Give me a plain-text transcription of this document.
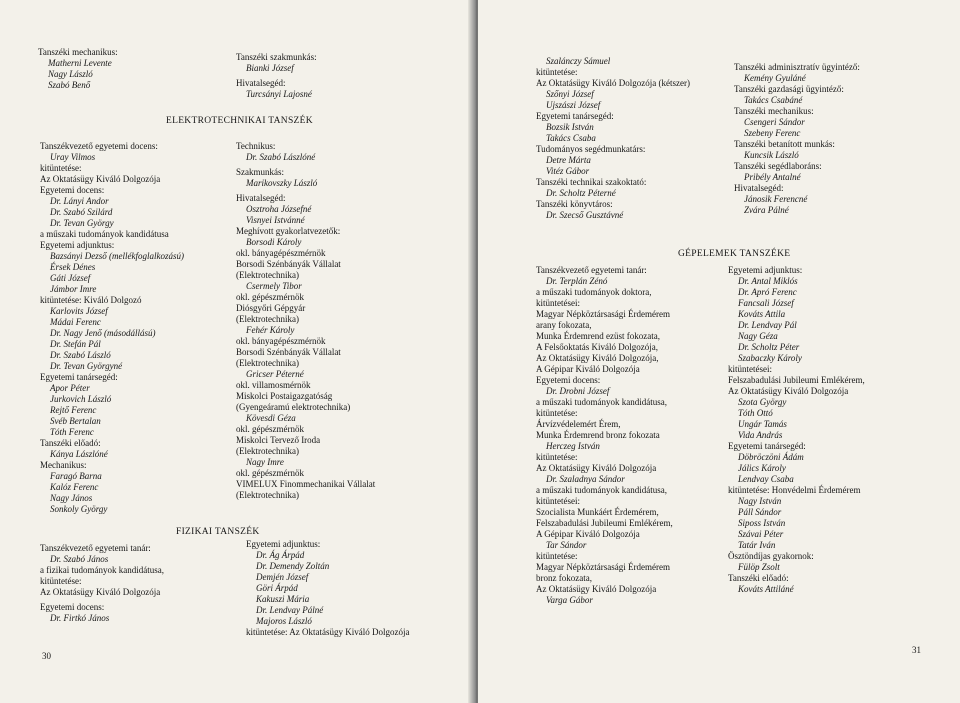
Tanszéki mechanikus:
Matherni Levente
Nagy László
Szabó Benő
Tanszéki szakmunkás:
Bianki József
Hivatalsegéd:
Turcsányi Lajosné
ELEKTROTECHNIKAI TANSZÉK
Tanszékvezető egyetemi docens:
Uray Vilmos
kitüntetése:
Az Oktatásügy Kiváló Dolgozója
Egyetemi docens:
Dr. Lányi Andor
Dr. Szabó Szilárd
Dr. Tevan György
a műszaki tudományok kandidátusa
Egyetemi adjunktus:
Bazsányi Dezső (mellékfoglalkozású)
Érsek Dénes
Gáti József
Jámbor Imre
kitüntetése: Kiváló Dolgozó
Karlovits József
Mádai Ferenc
Dr. Nagy Jenő (másodállású)
Dr. Stefán Pál
Dr. Szabó László
Dr. Tevan Györgyné
Egyetemi tanársegéd:
Apor Péter
Jurkovich László
Rejtő Ferenc
Svéb Bertalan
Tóth Ferenc
Tanszéki előadó:
Kánya Lászlóné
Mechanikus:
Faragó Barna
Kalóz Ferenc
Nagy János
Sonkoly György
Technikus:
Dr. Szabó Lászlóné
Szakmunkás:
Marikovszky László
Hivatalsegéd:
Osztroha Józsefné
Visnyei Istvánné
Meghívott gyakorlatvezetők:
Borsodi Károly
okl. bányagépészmérnök
Borsodi Szénbányák Vállalat
(Elektrotechnika)
Csermely Tibor
okl. gépészmérnök
Diósgyőri Gépgyár
(Elektrotechnika)
Fehér Károly
okl. bányagépészmérnök
Borsodi Szénbányák Vállalat
(Elektrotechnika)
Gricser Péterné
okl. villamosmérnök
Miskolci Postaigazgatóság
(Gyengeáramú elektrotechnika)
Kövesdi Géza
okl. gépészmérnök
Miskolci Tervező Iroda
(Elektrotechnika)
Nagy Imre
okl. gépészmérnök
VIMELUX Finommechanikai Vállalat
(Elektrotechnika)
FIZIKAI TANSZÉK
Tanszékvezető egyetemi tanár:
Dr. Szabó János
a fizikai tudományok kandidátusa,
kitüntetése:
Az Oktatásügy Kiváló Dolgozója
Egyetemi docens:
Dr. Firtkó János
Egyetemi adjunktus:
Dr. Ág Árpád
Dr. Demendy Zoltán
Demjén József
Göri Árpád
Kakuszi Mária
Dr. Lendvay Pálné
Majoros László
kitüntetése: Az Oktatásügy Kiváló Dolgozója
30
Szalánczy Sámuel
kitüntetése:
Az Oktatásügy Kiváló Dolgozója (kétszer)
Szőnyi József
Ujszászi József
Egyetemi tanársegéd:
Bozsik István
Takács Csaba
Tudományos segédmunkatárs:
Detre Márta
Vitéz Gábor
Tanszéki technikai szakoktató:
Dr. Scholtz Péterné
Tanszéki könyvtáros:
Dr. Szecső Gusztávné
Tanszéki adminisztratív ügyintéző:
Kemény Gyuláné
Tanszéki gazdasági ügyintéző:
Takács Csabáné
Tanszéki mechanikus:
Csengeri Sándor
Szebeny Ferenc
Tanszéki betanított munkás:
Kuncsik László
Tanszéki segédlaboráns:
Pribély Antalné
Hivatalsegéd:
Jánosik Ferencné
Zvára Pálné
GÉPELEMEK TANSZÉKE
Tanszékvezető egyetemi tanár:
Dr. Terplán Zénó
a műszaki tudományok doktora,
kitüntetései:
Magyar Népköztársasági Érdemérem
arany fokozata,
Munka Érdemrend ezüst fokozata,
A Felsőoktatás Kiváló Dolgozója,
Az Oktatásügy Kiváló Dolgozója,
A Gépipar Kiváló Dolgozója
Egyetemi docens:
Dr. Drobni József
a műszaki tudományok kandidátusa,
kitüntetése:
Árvízvédelemért Érem,
Munka Érdemrend bronz fokozata
Herczeg István
kitüntetése:
Az Oktatásügy Kiváló Dolgozója
Dr. Szaladnya Sándor
a műszaki tudományok kandidátusa,
kitüntetései:
Szocialista Munkáért Érdemérem,
Felszabadulási Jubileumi Emlékérem,
A Gépipar Kiváló Dolgozója
Tar Sándor
kitüntetése:
Magyar Népköztársasági Érdemérem
bronz fokozata,
Az Oktatásügy Kiváló Dolgozója
Varga Gábor
Egyetemi adjunktus:
Dr. Antal Miklós
Dr. Apró Ferenc
Fancsali József
Kováts Attila
Dr. Lendvay Pál
Nagy Géza
Dr. Scholtz Péter
Szabaczky Károly
kitüntetései:
Felszabadulási Jubileumi Emlékérem,
Az Oktatásügy Kiváló Dolgozója
Szota György
Tóth Ottó
Ungár Tamás
Vida András
Egyetemi tanársegéd:
Döbröczöni Ádám
Jálics Károly
Lendvay Csaba
kitüntetése: Honvédelmi Érdemérem
Nagy István
Páll Sándor
Siposs István
Szávai Péter
Tatár Iván
Ösztöndíjas gyakornok:
Fülöp Zsolt
Tanszéki előadó:
Kováts Attiláné
31
